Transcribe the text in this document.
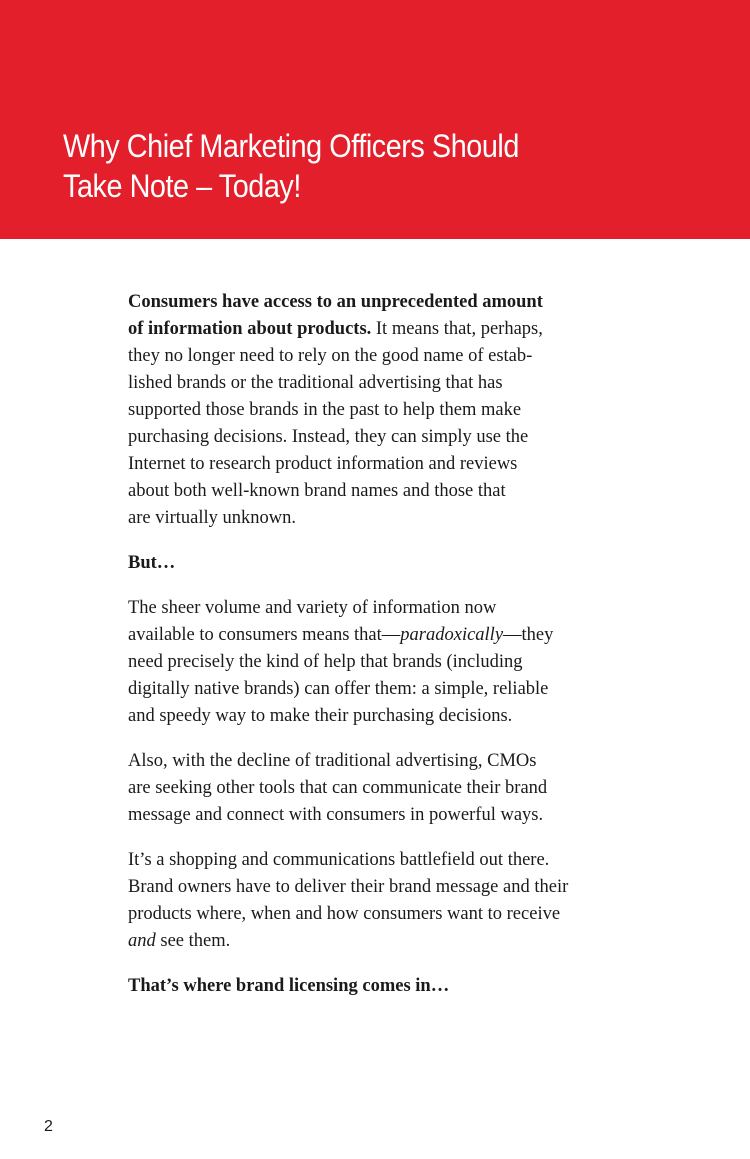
Why Chief Marketing Officers Should
Take Note – Today!

Consumers have access to an unprecedented amount
of information about products. It means that, perhaps,
they no longer need to rely on the good name of estab-
lished brands or the traditional advertising that has
supported those brands in the past to help them make
purchasing decisions. Instead, they can simply use the
Internet to research product information and reviews
about both well-known brand names and those that
are virtually unknown.

But…

The sheer volume and variety of information now
available to consumers means that—paradoxically—they
need precisely the kind of help that brands (including
digitally native brands) can offer them: a simple, reliable
and speedy way to make their purchasing decisions.

Also, with the decline of traditional advertising, CMOs
are seeking other tools that can communicate their brand
message and connect with consumers in powerful ways.

It’s a shopping and communications battlefield out there.
Brand owners have to deliver their brand message and their
products where, when and how consumers want to receive
and see them.

That’s where brand licensing comes in…

2
